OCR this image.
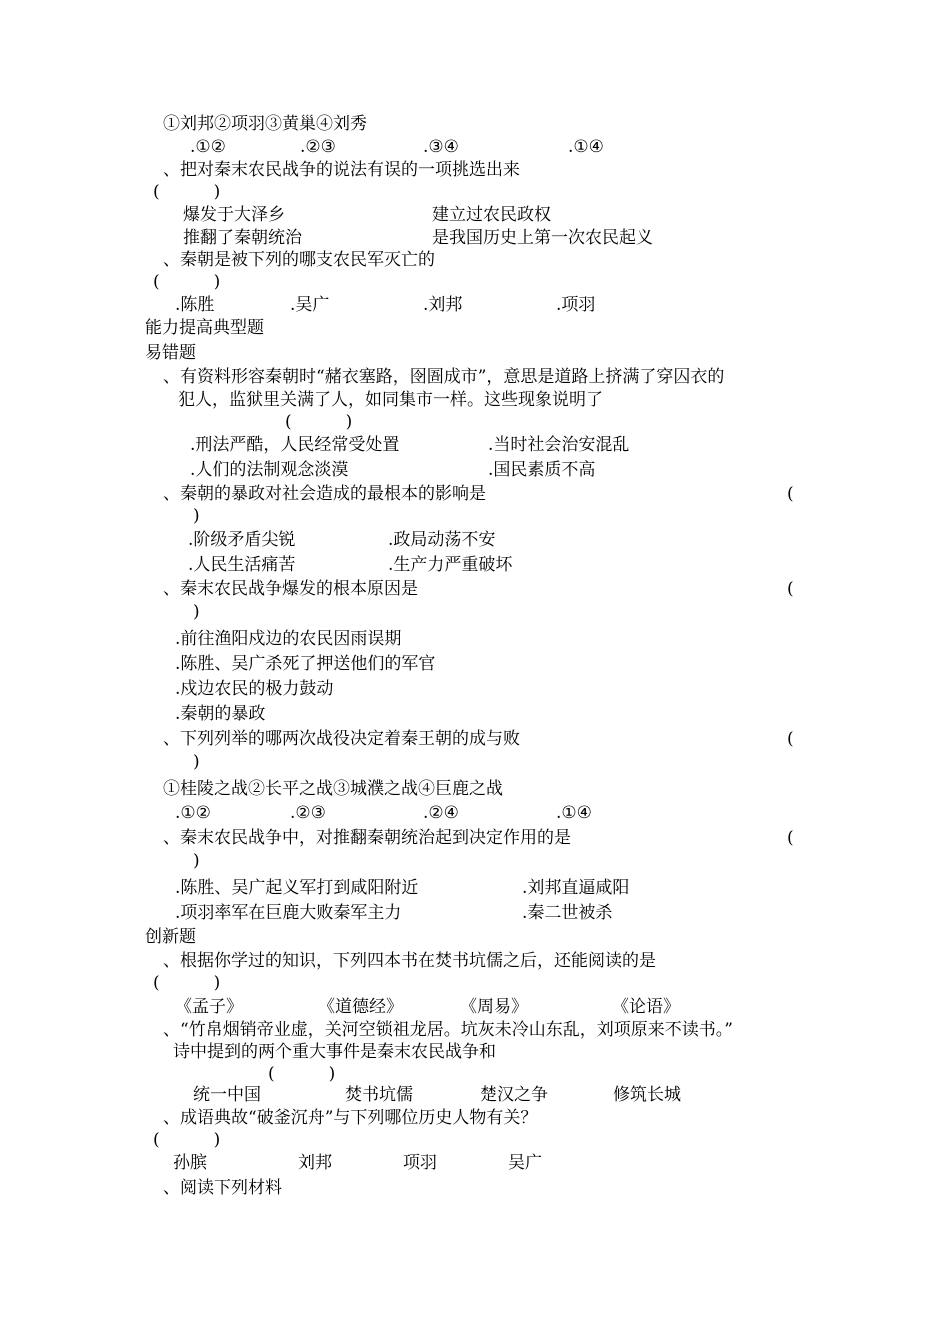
①刘邦②项羽③黄巢④刘秀
.①②	.②③	.③④	.①④
、把对秦末农民战争的说法有误的一项挑选出来
(          )
爆发于大泽乡	建立过农民政权
推翻了秦朝统治	是我国历史上第一次农民起义
、秦朝是被下列的哪支农民军灭亡的
(          )
.陈胜	.吴广	.刘邦	.项羽
能力提高典型题
易错题
、有资料形容秦朝时“赭衣塞路，囹圄成市”，意思是道路上挤满了穿囚衣的
犯人，监狱里关满了人，如同集市一样。这些现象说明了
(          )
.刑法严酷，人民经常受处置	.当时社会治安混乱
.人们的法制观念淡漠	.国民素质不高
、秦朝的暴政对社会造成的最根本的影响是	(
)
.阶级矛盾尖锐	.政局动荡不安
.人民生活痛苦	.生产力严重破坏
、秦末农民战争爆发的根本原因是	(
)
.前往渔阳戍边的农民因雨误期
.陈胜、吴广杀死了押送他们的军官
.戍边农民的极力鼓动
.秦朝的暴政
、下列列举的哪两次战役决定着秦王朝的成与败	(
)
①桂陵之战②长平之战③城濮之战④巨鹿之战
.①②	.②③	.②④	.①④
、秦末农民战争中，对推翻秦朝统治起到决定作用的是	(
)
.陈胜、吴广起义军打到咸阳附近	.刘邦直逼咸阳
.项羽率军在巨鹿大败秦军主力	.秦二世被杀
创新题
、根据你学过的知识，下列四本书在焚书坑儒之后，还能阅读的是
(          )
《孟子》	《道德经》	《周易》	《论语》
、“竹帛烟销帝业虚，关河空锁祖龙居。坑灰未冷山东乱，刘项原来不读书。”
诗中提到的两个重大事件是秦末农民战争和
(          )
统一中国	焚书坑儒	楚汉之争	修筑长城
、成语典故“破釜沉舟”与下列哪位历史人物有关？
(          )
孙膑	刘邦	项羽	吴广
、阅读下列材料
